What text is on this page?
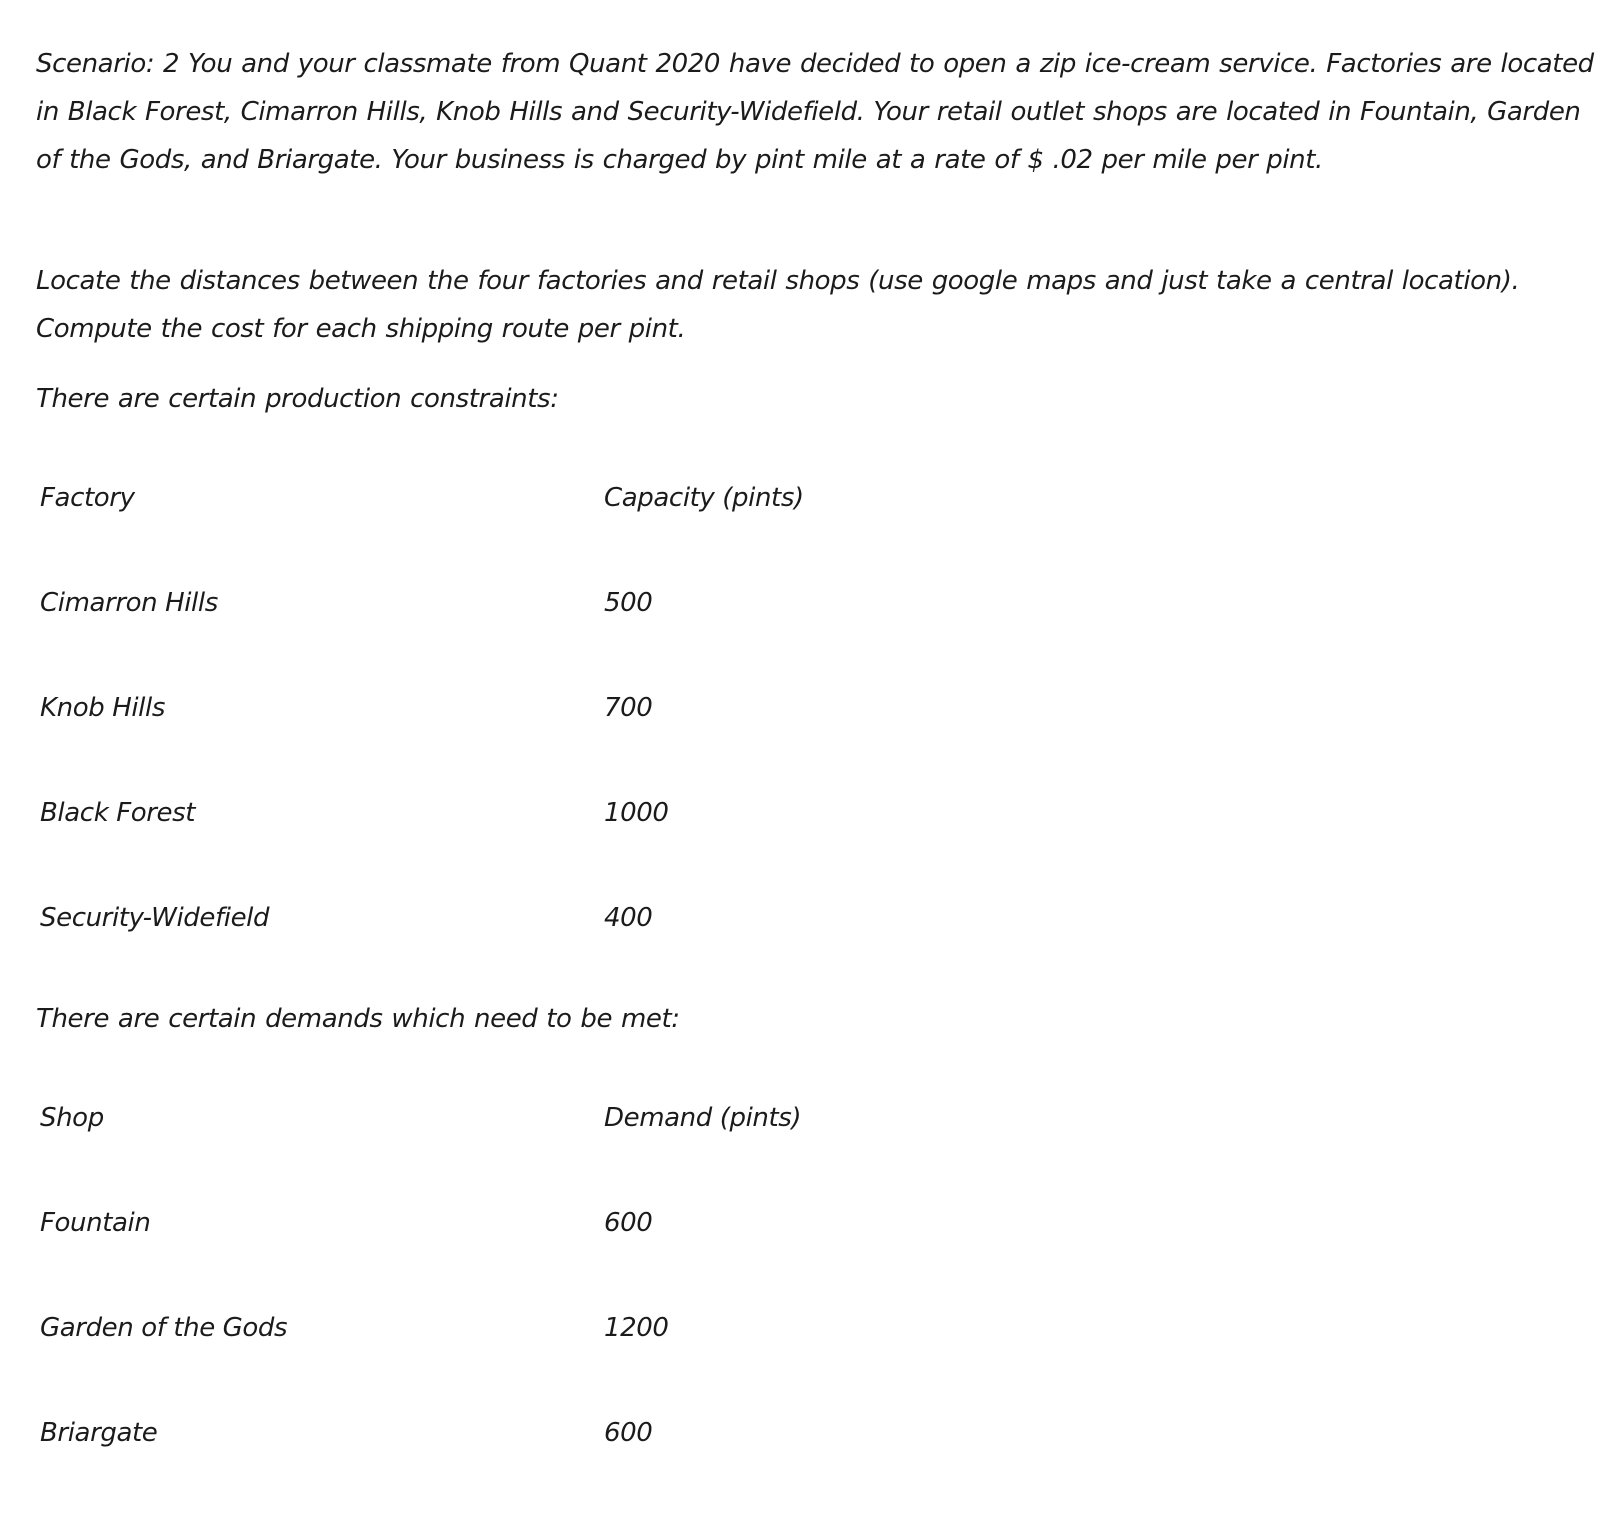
Scenario: 2 You and your classmate from Quant 2020 have decided to open a zip ice-cream service. Factories are located in Black Forest, Cimarron Hills, Knob Hills and Security-Widefield. Your retail outlet shops are located in Fountain, Garden of the Gods, and Briargate. Your business is charged by pint mile at a rate of $ .02 per mile per pint.

Locate the distances between the four factories and retail shops (use google maps and just take a central location). Compute the cost for each shipping route per pint.

There are certain production constraints:

Factory	Capacity (pints)
Cimarron Hills	500
Knob Hills	700
Black Forest	1000
Security-Widefield	400

There are certain demands which need to be met:

Shop	Demand (pints)
Fountain	600
Garden of the Gods	1200
Briargate	600
